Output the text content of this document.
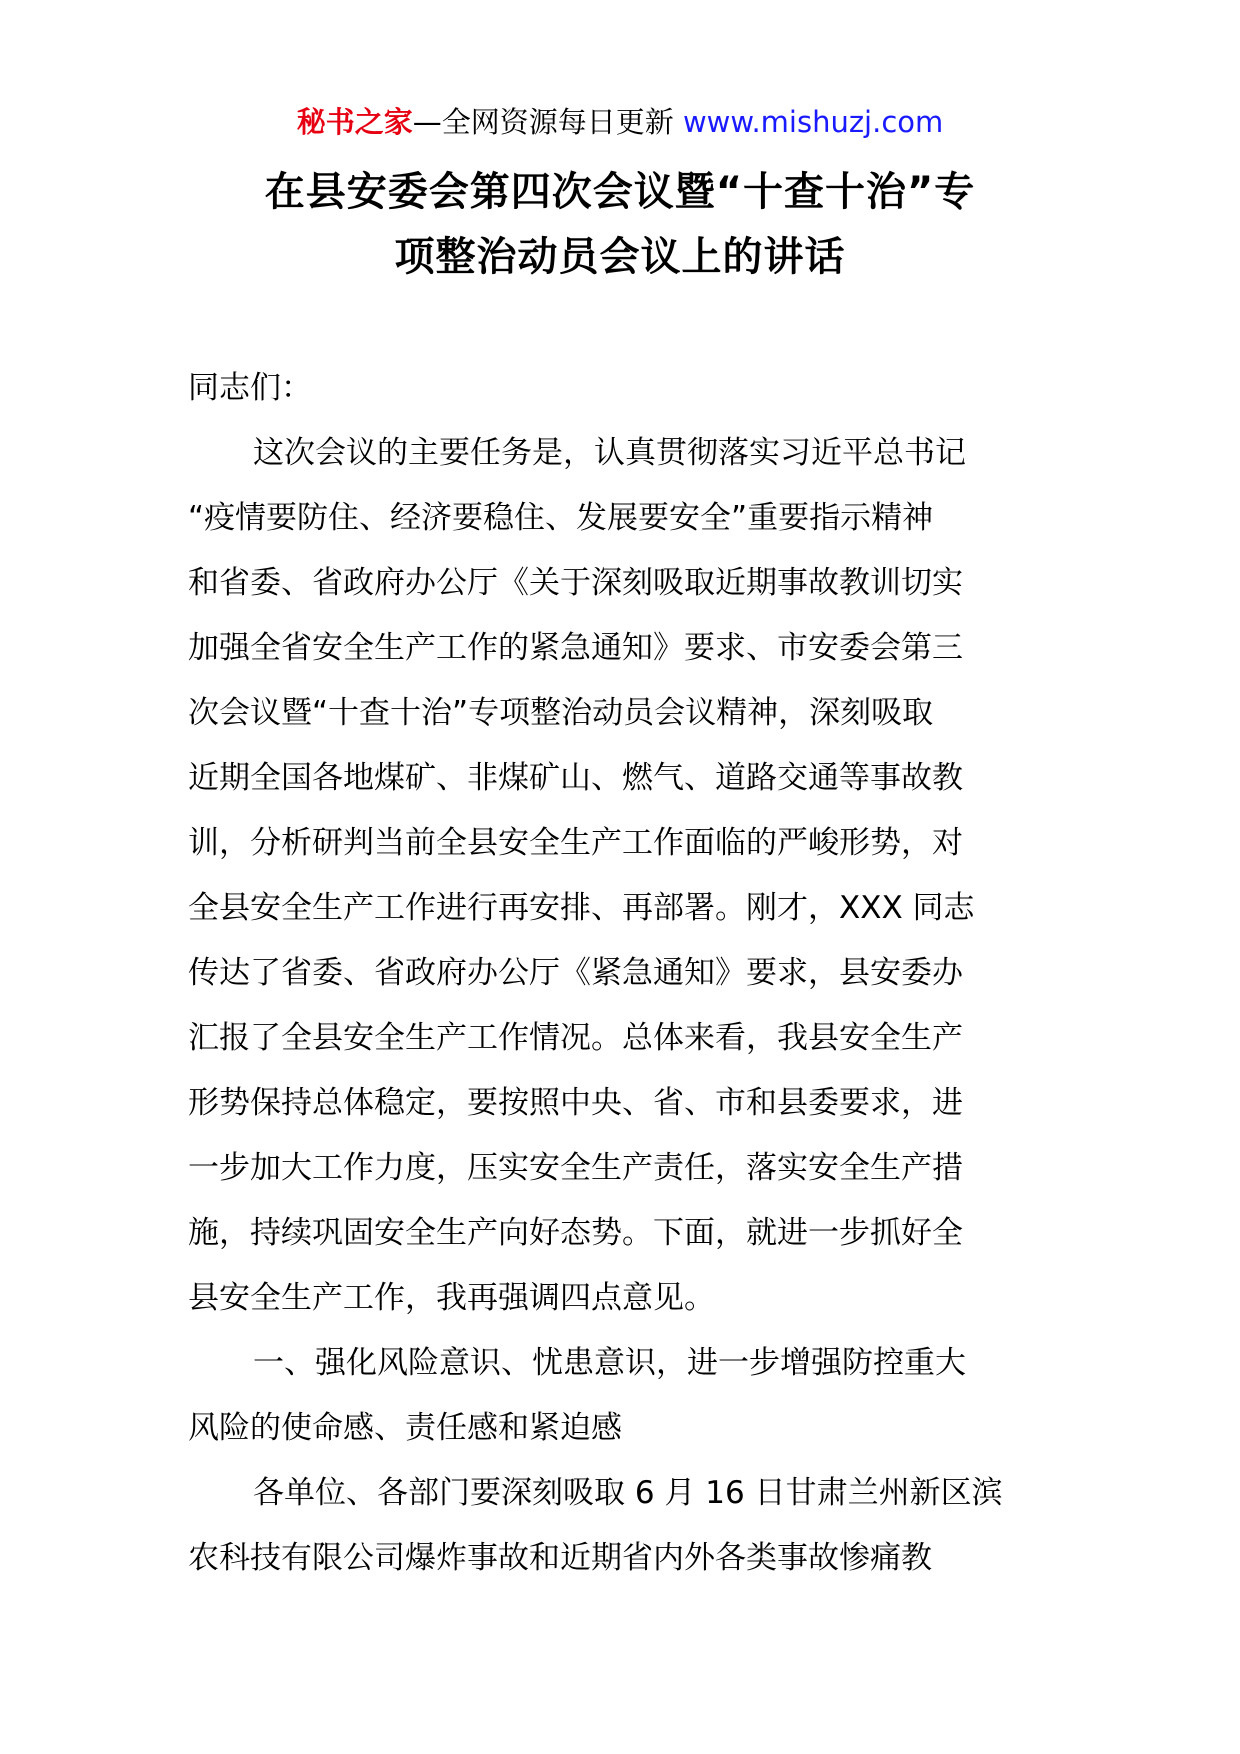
秘书之家—全网资源每日更新 www.mishuzj.com
在县安委会第四次会议暨“十查十治”专
项整治动员会议上的讲话
同志们：
这次会议的主要任务是，认真贯彻落实习近平总书记
“疫情要防住、经济要稳住、发展要安全”重要指示精神
和省委、省政府办公厅《关于深刻吸取近期事故教训切实
加强全省安全生产工作的紧急通知》要求、市安委会第三
次会议暨“十查十治”专项整治动员会议精神，深刻吸取
近期全国各地煤矿、非煤矿山、燃气、道路交通等事故教
训，分析研判当前全县安全生产工作面临的严峻形势，对
全县安全生产工作进行再安排、再部署。刚才，XXX 同志
传达了省委、省政府办公厅《紧急通知》要求，县安委办
汇报了全县安全生产工作情况。总体来看，我县安全生产
形势保持总体稳定，要按照中央、省、市和县委要求，进
一步加大工作力度，压实安全生产责任，落实安全生产措
施，持续巩固安全生产向好态势。下面，就进一步抓好全
县安全生产工作，我再强调四点意见。
一、强化风险意识、忧患意识，进一步增强防控重大
风险的使命感、责任感和紧迫感
各单位、各部门要深刻吸取 6 月 16 日甘肃兰州新区滨
农科技有限公司爆炸事故和近期省内外各类事故惨痛教
